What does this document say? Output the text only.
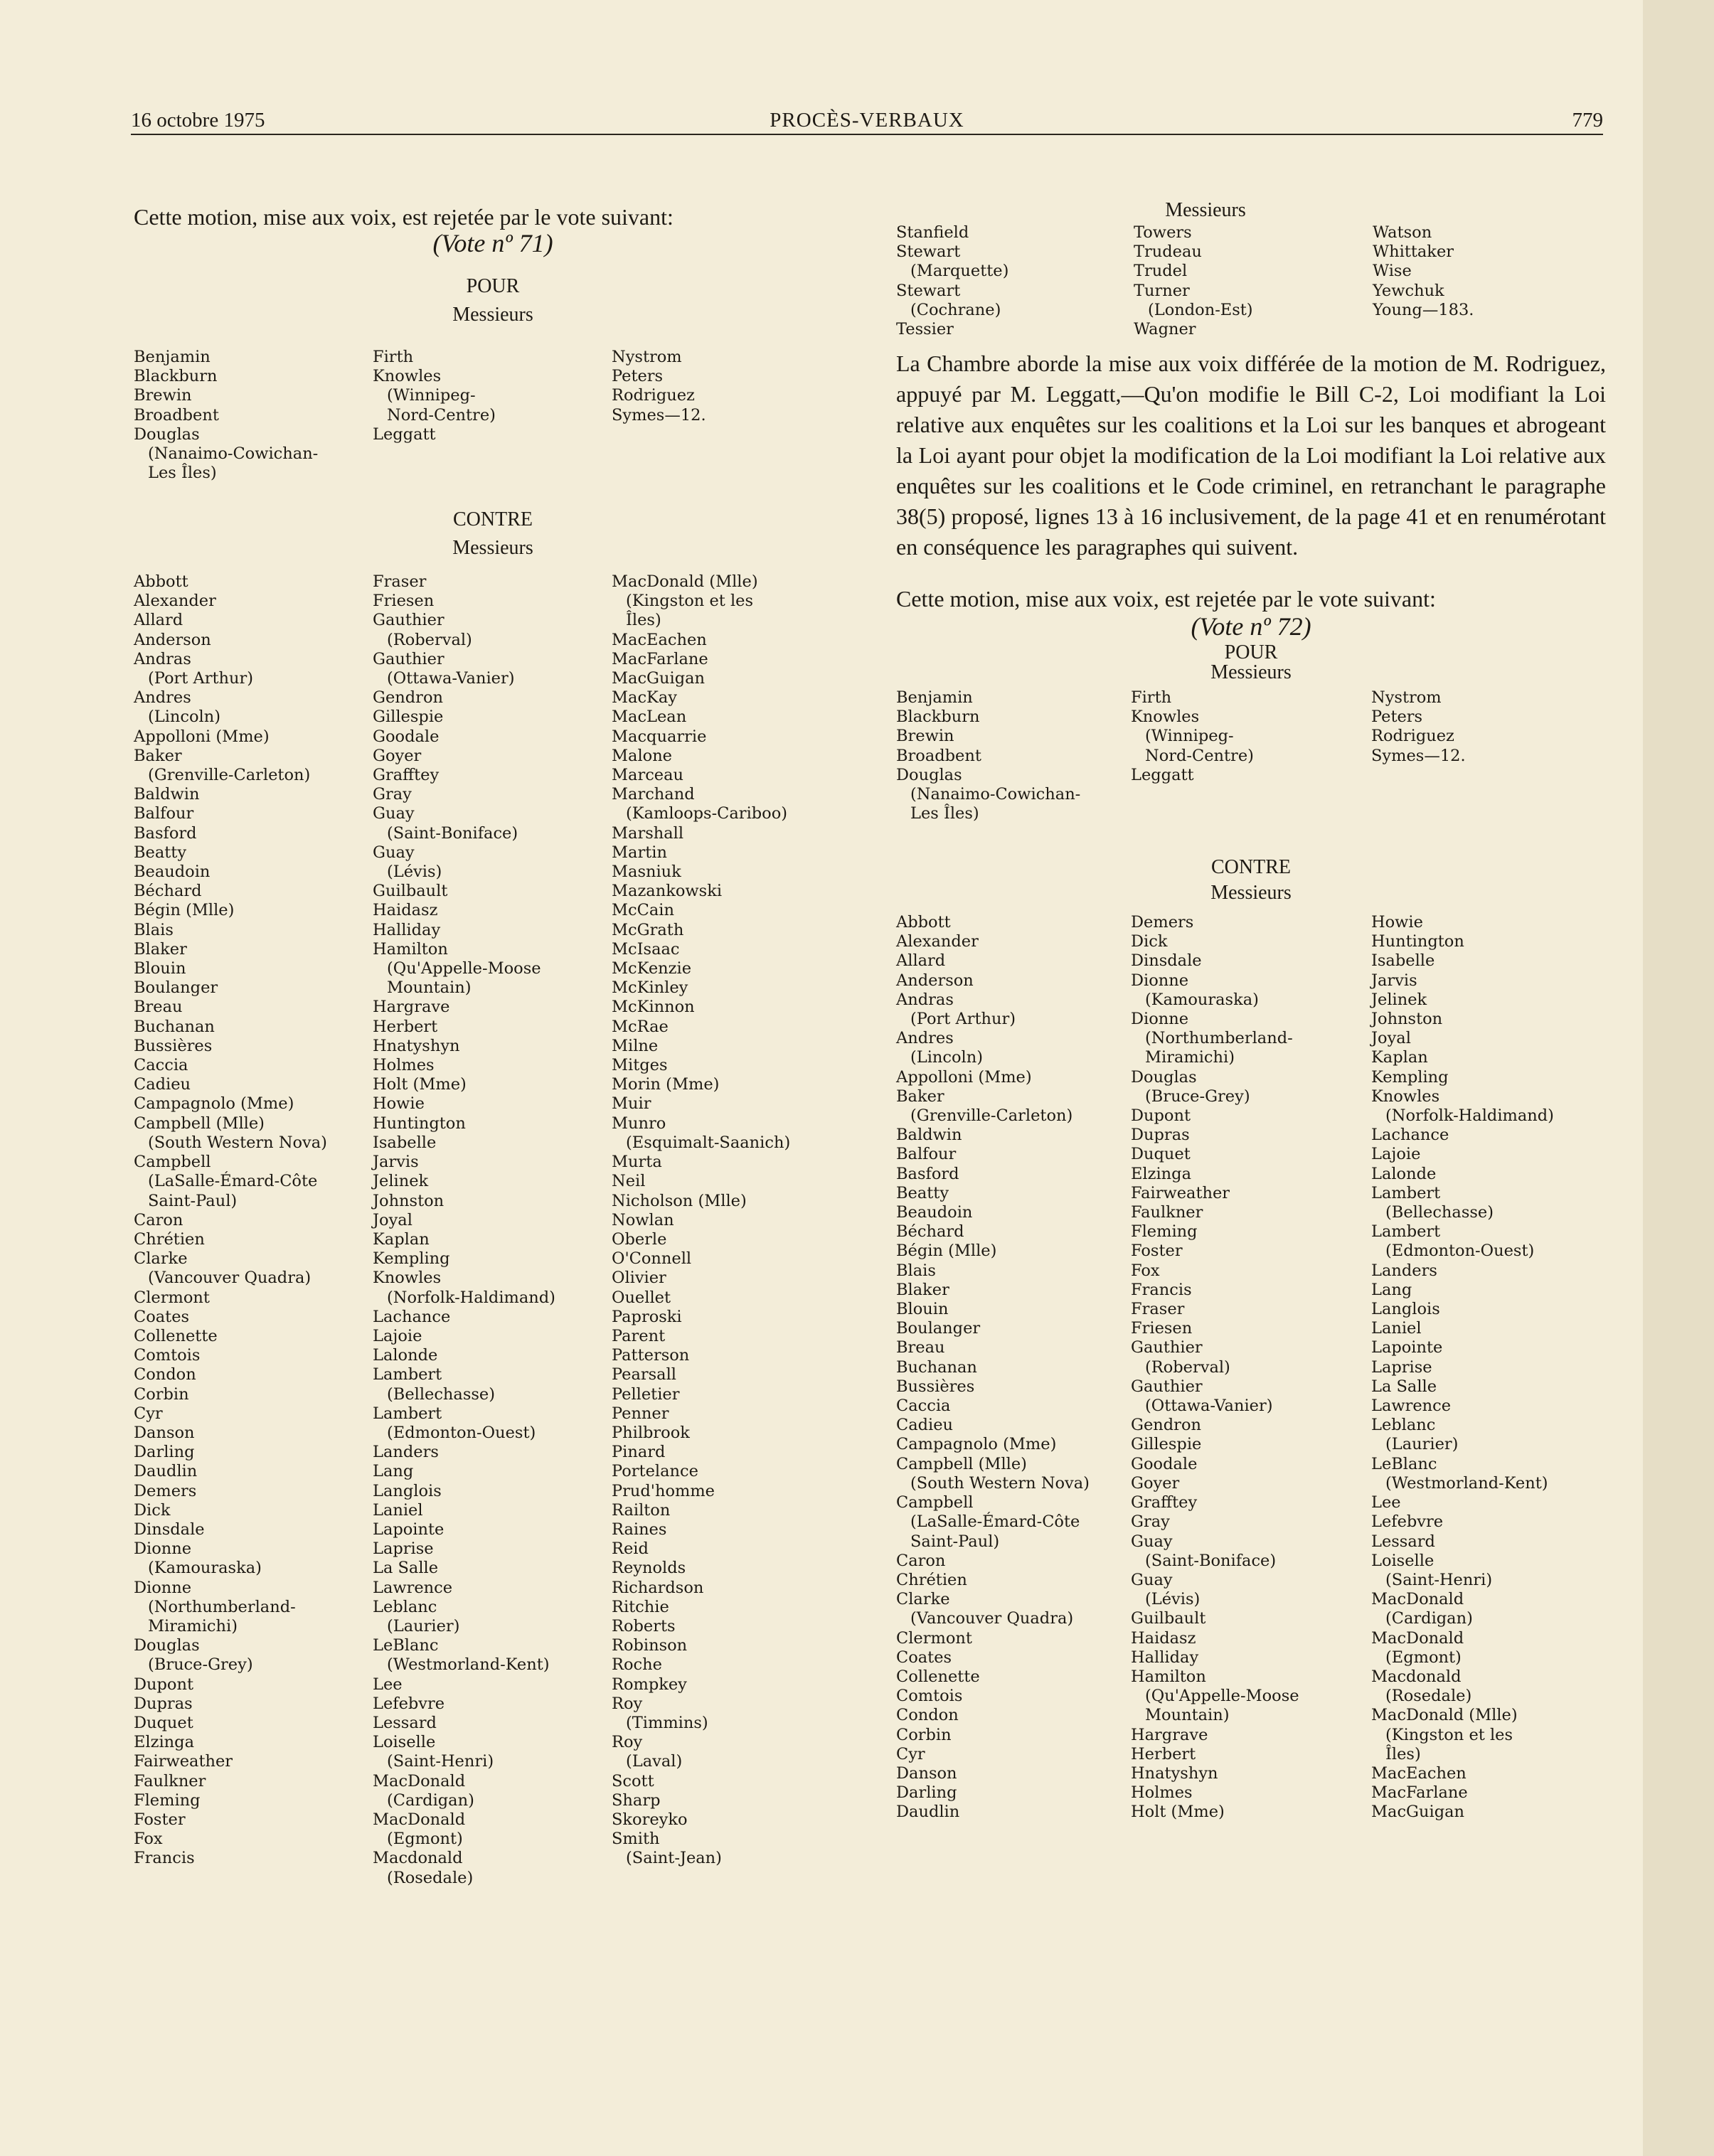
16 octobre 1975	PROCÈS-VERBAUX	779

Cette motion, mise aux voix, est rejetée par le vote suivant:

(Vote nº 71)
POUR
Messieurs
Benjamin
Blackburn
Brewin
Broadbent
Douglas
(Nanaimo-Cowichan-
Les Îles)
Firth
Knowles
(Winnipeg-
Nord-Centre)
Leggatt
Nystrom
Peters
Rodriguez
Symes—12.
CONTRE
Messieurs
Abbott
Alexander
Allard
Anderson
Andras
(Port Arthur)
Andres
(Lincoln)
Appolloni (Mme)
Baker
(Grenville-Carleton)
Baldwin
Balfour
Basford
Beatty
Beaudoin
Béchard
Bégin (Mlle)
Blais
Blaker
Blouin
Boulanger
Breau
Buchanan
Bussières
Caccia
Cadieu
Campagnolo (Mme)
Campbell (Mlle)
(South Western Nova)
Campbell
(LaSalle-Émard-Côte
Saint-Paul)
Caron
Chrétien
Clarke
(Vancouver Quadra)
Clermont
Coates
Collenette
Comtois
Condon
Corbin
Cyr
Danson
Darling
Daudlin
Demers
Dick
Dinsdale
Dionne
(Kamouraska)
Dionne
(Northumberland-
Miramichi)
Douglas
(Bruce-Grey)
Dupont
Dupras
Duquet
Elzinga
Fairweather
Faulkner
Fleming
Foster
Fox
Francis
Fraser
Friesen
Gauthier
(Roberval)
Gauthier
(Ottawa-Vanier)
Gendron
Gillespie
Goodale
Goyer
Grafftey
Gray
Guay
(Saint-Boniface)
Guay
(Lévis)
Guilbault
Haidasz
Halliday
Hamilton
(Qu'Appelle-Moose
Mountain)
Hargrave
Herbert
Hnatyshyn
Holmes
Holt (Mme)
Howie
Huntington
Isabelle
Jarvis
Jelinek
Johnston
Joyal
Kaplan
Kempling
Knowles
(Norfolk-Haldimand)
Lachance
Lajoie
Lalonde
Lambert
(Bellechasse)
Lambert
(Edmonton-Ouest)
Landers
Lang
Langlois
Laniel
Lapointe
Laprise
La Salle
Lawrence
Leblanc
(Laurier)
LeBlanc
(Westmorland-Kent)
Lee
Lefebvre
Lessard
Loiselle
(Saint-Henri)
MacDonald
(Cardigan)
MacDonald
(Egmont)
Macdonald
(Rosedale)
MacDonald (Mlle)
(Kingston et les
Îles)
MacEachen
MacFarlane
MacGuigan
MacKay
MacLean
Macquarrie
Malone
Marceau
Marchand
(Kamloops-Cariboo)
Marshall
Martin
Masniuk
Mazankowski
McCain
McGrath
McIsaac
McKenzie
McKinley
McKinnon
McRae
Milne
Mitges
Morin (Mme)
Muir
Munro
(Esquimalt-Saanich)
Murta
Neil
Nicholson (Mlle)
Nowlan
Oberle
O'Connell
Olivier
Ouellet
Paproski
Parent
Patterson
Pearsall
Pelletier
Penner
Philbrook
Pinard
Portelance
Prud'homme
Railton
Raines
Reid
Reynolds
Richardson
Ritchie
Roberts
Robinson
Roche
Rompkey
Roy
(Timmins)
Roy
(Laval)
Scott
Sharp
Skoreyko
Smith
(Saint-Jean)
Messieurs
Stanfield
Stewart
(Marquette)
Stewart
(Cochrane)
Tessier
Towers
Trudeau
Trudel
Turner
(London-Est)
Wagner
Watson
Whittaker
Wise
Yewchuk
Young—183.

La Chambre aborde la mise aux voix différée de la motion de M. Rodriguez, appuyé par M. Leggatt,—Qu'on modifie le Bill C-2, Loi modifiant la Loi relative aux enquêtes sur les coalitions et la Loi sur les banques et abrogeant la Loi ayant pour objet la modification de la Loi modifiant la Loi relative aux enquêtes sur les coalitions et le Code criminel, en retranchant le paragraphe 38(5) proposé, lignes 13 à 16 inclusivement, de la page 41 et en renumérotant en conséquence les paragraphes qui suivent.

Cette motion, mise aux voix, est rejetée par le vote suivant:

(Vote nº 72)
POUR
Messieurs
Benjamin
Blackburn
Brewin
Broadbent
Douglas
(Nanaimo-Cowichan-
Les Îles)
Firth
Knowles
(Winnipeg-
Nord-Centre)
Leggatt
Nystrom
Peters
Rodriguez
Symes—12.
CONTRE
Messieurs
Abbott
Alexander
Allard
Anderson
Andras
(Port Arthur)
Andres
(Lincoln)
Appolloni (Mme)
Baker
(Grenville-Carleton)
Baldwin
Balfour
Basford
Beatty
Beaudoin
Béchard
Bégin (Mlle)
Blais
Blaker
Blouin
Boulanger
Breau
Buchanan
Bussières
Caccia
Cadieu
Campagnolo (Mme)
Campbell (Mlle)
(South Western Nova)
Campbell
(LaSalle-Émard-Côte
Saint-Paul)
Caron
Chrétien
Clarke
(Vancouver Quadra)
Clermont
Coates
Collenette
Comtois
Condon
Corbin
Cyr
Danson
Darling
Daudlin
Demers
Dick
Dinsdale
Dionne
(Kamouraska)
Dionne
(Northumberland-
Miramichi)
Douglas
(Bruce-Grey)
Dupont
Dupras
Duquet
Elzinga
Fairweather
Faulkner
Fleming
Foster
Fox
Francis
Fraser
Friesen
Gauthier
(Roberval)
Gauthier
(Ottawa-Vanier)
Gendron
Gillespie
Goodale
Goyer
Grafftey
Gray
Guay
(Saint-Boniface)
Guay
(Lévis)
Guilbault
Haidasz
Halliday
Hamilton
(Qu'Appelle-Moose
Mountain)
Hargrave
Herbert
Hnatyshyn
Holmes
Holt (Mme)
Howie
Huntington
Isabelle
Jarvis
Jelinek
Johnston
Joyal
Kaplan
Kempling
Knowles
(Norfolk-Haldimand)
Lachance
Lajoie
Lalonde
Lambert
(Bellechasse)
Lambert
(Edmonton-Ouest)
Landers
Lang
Langlois
Laniel
Lapointe
Laprise
La Salle
Lawrence
Leblanc
(Laurier)
LeBlanc
(Westmorland-Kent)
Lee
Lefebvre
Lessard
Loiselle
(Saint-Henri)
MacDonald
(Cardigan)
MacDonald
(Egmont)
Macdonald
(Rosedale)
MacDonald (Mlle)
(Kingston et les
Îles)
MacEachen
MacFarlane
MacGuigan
